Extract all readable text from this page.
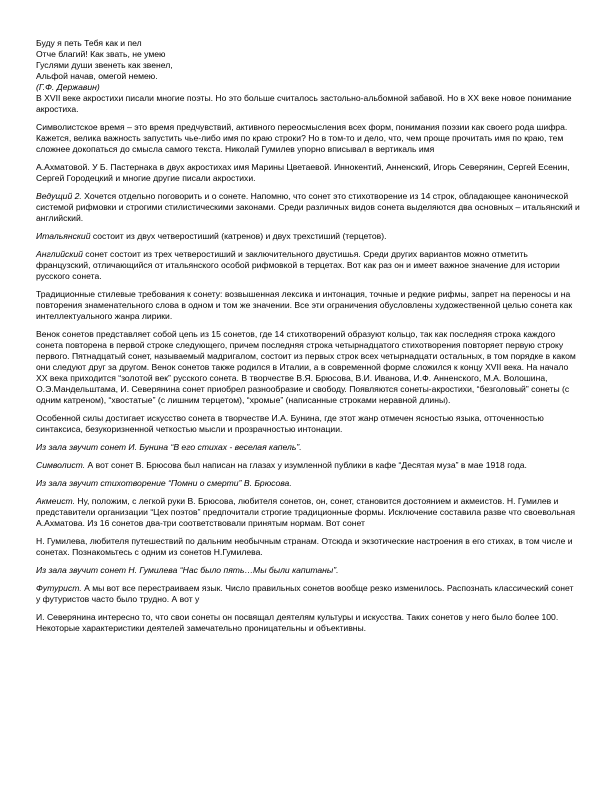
Буду я петь Тебя как и пел
Отче благий! Как звать, не умею
Гуслями души звенеть как звенел,
Альфой начав, омегой немею.
(Г.Ф. Державин)

В XVII веке акростихи писали многие поэты. Но это больше считалось застольно-альбомной забавой. Но в XX веке новое понимание акростиха.

Символистское время – это время предчувствий, активного переосмысления всех форм, понимания поэзии как своего рода шифра. Кажется, велика важность запустить чье-либо имя по краю строки? Но в том-то и дело, что, чем проще прочитать имя по краю, тем сложнее докопаться до смысла самого текста. Николай Гумилев упорно вписывал в вертикаль имя

А.Ахматовой. У Б. Пастернака в двух акростихах имя Марины Цветаевой. Иннокентий, Анненский, Игорь Северянин, Сергей Есенин, Сергей Городецкий и многие другие писали акростихи.

Ведущий 2. Хочется отдельно поговорить и о сонете. Напомню, что сонет это стихотворение из 14 строк, обладающее канонической системой рифмовки и строгими стилистическими законами. Среди различных видов сонета выделяются два основных – итальянский и английский.

Итальянский состоит из двух четверостиший (катренов) и двух трехстиший (терцетов).

Английский сонет состоит из трех четверостиший и заключительного двустишья. Среди других вариантов можно отметить французский, отличающийся от итальянского особой рифмовкой в терцетах. Вот как раз он и имеет важное значение для истории русского сонета.

Традиционные стилевые требования к сонету: возвышенная лексика и интонация, точные и редкие рифмы, запрет на переносы и на повторения знаменательного слова в одном и том же значении. Все эти ограничения обусловлены художественной целью сонета как интеллектуального жанра лирики.

Венок сонетов представляет собой цепь из 15 сонетов, где 14 стихотворений образуют кольцо, так как последняя строка каждого сонета повторена в первой строке следующего, причем последняя строка четырнадцатого стихотворения повторяет первую строку первого. Пятнадцатый сонет, называемый мадригалом, состоит из первых строк всех четырнадцати остальных, в том порядке в каком они следуют друг за другом. Венок сонетов также родился в Италии, а в современной форме сложился к концу XVII века. На начало XX века приходится “золотой век” русского сонета. В творчестве В.Я. Брюсова, В.И. Иванова, И.Ф. Анненского, М.А. Волошина, О.Э.Мандельштама, И. Северянина сонет приобрел разнообразие и свободу. Появляются сонеты-акростихи, “безголовый” сонеты (с одним катреном), “хвостатые” (с лишним терцетом), “хромые” (написанные строками неравной длины).

Особенной силы достигает искусство сонета в творчестве И.А. Бунина, где этот жанр отмечен ясностью языка, отточенностью синтаксиса, безукоризненной четкостью мысли и прозрачностью интонации.

Из зала звучит сонет И. Бунина “В его стихах - веселая капель”.

Символист. А вот сонет В. Брюсова был написан на глазах у изумленной публики в кафе “Десятая муза” в мае 1918 года.

Из зала звучит стихотворение “Помни о смерти” В. Брюсова.

Акмеист. Ну, положим, с легкой руки В. Брюсова, любителя сонетов, он, сонет, становится достоянием и акмеистов. Н. Гумилев и представители организации “Цех поэтов” предпочитали строгие традиционные формы. Исключение составила разве что своевольная А.Ахматова. Из 16 сонетов два-три соответствовали принятым нормам. Вот сонет

Н. Гумилева, любителя путешествий по дальним необычным странам. Отсюда и экзотические настроения в его стихах, в том числе и сонетах. Познакомьтесь с одним из сонетов Н.Гумилева.

Из зала звучит сонет Н. Гумилева “Нас было пять…Мы были капитаны”.

Футурист. А мы вот все перестраиваем язык. Число правильных сонетов вообще резко изменилось. Распознать классический сонет у футуристов часто было трудно. А вот у

И. Северянина интересно то, что свои сонеты он посвящал деятелям культуры и искусства. Таких сонетов у него было более 100. Некоторые характеристики деятелей замечательно проницательны и объективны.
